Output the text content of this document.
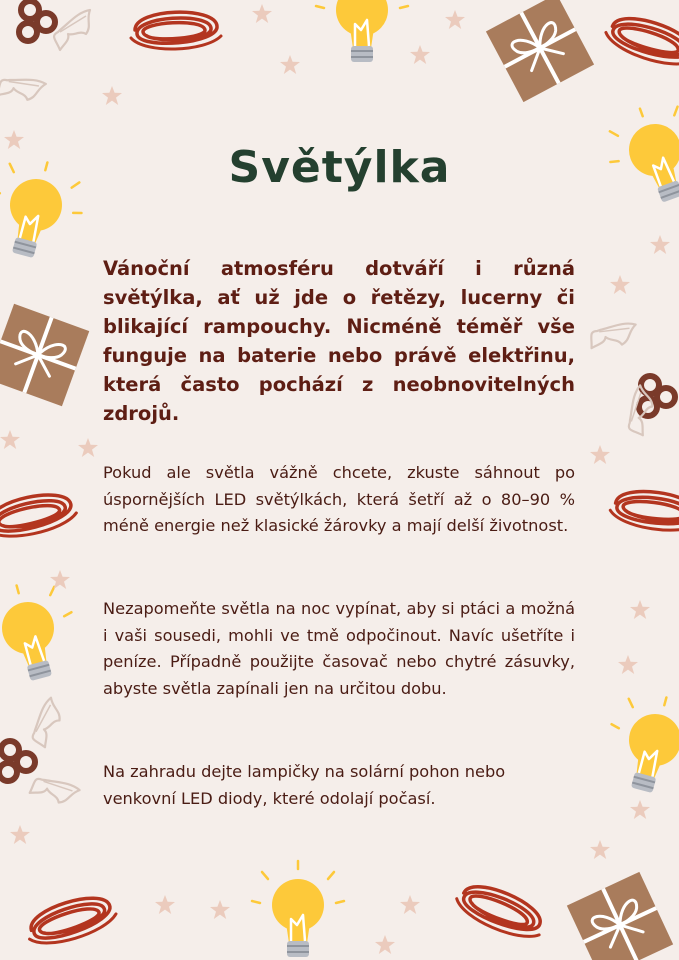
Světýlka

Vánoční atmosféru dotváří i různá světýlka, ať už jde o řetězy, lucerny či blikající rampouchy. Nicméně téměř vše funguje na baterie nebo právě elektřinu, která často pochází z neobnovitelných zdrojů.

Pokud ale světla vážně chcete, zkuste sáhnout po úspornějších LED světýlkách, která šetří až o 80–90 % méně energie než klasické žárovky a mají delší životnost.

Nezapomeňte světla na noc vypínat, aby si ptáci a možná i vaši sousedi, mohli ve tmě odpočinout. Navíc ušetříte i peníze. Případně použijte časovač nebo chytré zásuvky, abyste světla zapínali jen na určitou dobu.

Na zahradu dejte lampičky na solární pohon nebo venkovní LED diody, které odolají počasí.
